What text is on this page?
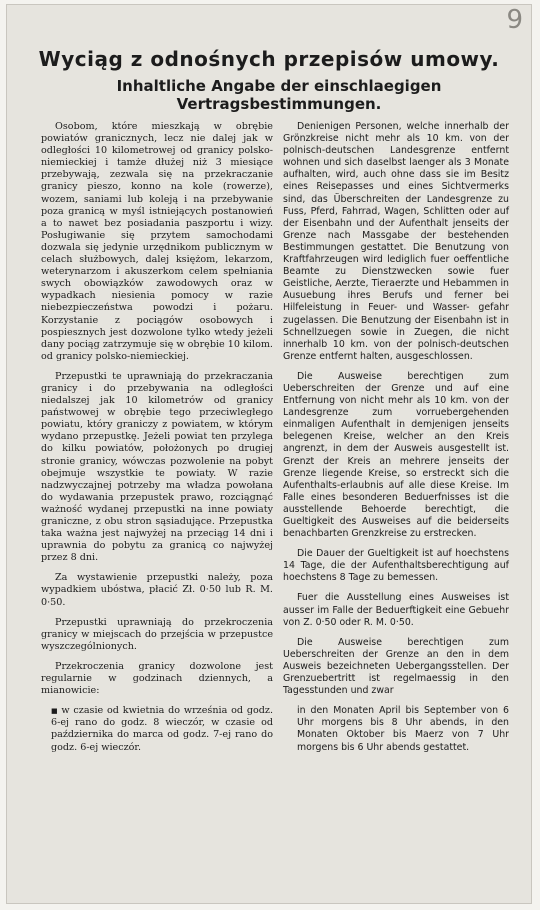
9
Wyciąg z odnośnych przepisów umowy.
Inhaltliche Angabe der einschlaegigen Vertragsbestimmungen.

Osobom, które mieszkają w obrębie powiatów granicznych, lecz nie dalej jak w odległości 10 kilometrowej od granicy polsko-niemieckiej i tamże dłużej niż 3 miesiące przebywają, zezwala się na przekraczanie granicy pieszo, konno na kole (rowerze), wozem, saniami lub koleją i na przebywanie poza granicą w myśl istniejących postanowień a to nawet bez posiadania paszportu i wizy. Posługiwanie się przytem samochodami dozwala się jedynie urzędnikom publicznym w celach służbowych, dalej księżom, lekarzom, weterynarzom i akuszerkom celem spełniania swych obowiązków zawodowych oraz w wypadkach niesienia pomocy w razie niebezpieczeństwa powodzi i pożaru. Korzystanie z pociągów osobowych i pospiesznych jest dozwolone tylko wtedy jeżeli dany pociąg zatrzymuje się w obrębie 10 kilom. od granicy polsko-niemieckiej.

Przepustki te uprawniają do przekraczania granicy i do przebywania na odległości niedalszej jak 10 kilometrów od granicy państwowej w obrębie tego przeciwległego powiatu, który graniczy z powiatem, w którym wydano przepustkę. Jeżeli powiat ten przylega do kilku powiatów, położonych po drugiej stronie granicy, wówczas pozwolenie na pobyt obejmuje wszystkie te powiaty. W razie nadzwyczajnej potrzeby ma władza powołana do wydawania przepustek prawo, rozciągnąć ważność wydanej przepustki na inne powiaty graniczne, z obu stron sąsiadujące. Przepustka taka ważna jest najwyżej na przeciąg 14 dni i uprawnia do pobytu za granicą co najwyżej przez 8 dni.

Za wystawienie przepustki należy, poza wypadkiem ubóstwa, płacić Zł. 0·50 lub R. M. 0·50.

Przepustki uprawniają do przekroczenia granicy w miejscach do przejścia w przepustce wyszczególnionych.

Przekroczenia granicy dozwolone jest regularnie w godzinach dziennych, a mianowicie:

■ w czasie od kwietnia do września od godz. 6-ej rano do godz. 8 wieczór, w czasie od października do marca od godz. 7-ej rano do godz. 6-ej wieczór.

Denienigen Personen, welche innerhalb der Grönzkreise nicht mehr als 10 km. von der polnisch-deutschen Landesgrenze entfernt wohnen und sich daselbst laenger als 3 Monate aufhalten, wird, auch ohne dass sie im Besitz eines Reisepasses und eines Sichtvermerks sind, das Überschreiten der Landesgrenze zu Fuss, Pferd, Fahrrad, Wagen, Schlitten oder auf der Eisenbahn und der Aufenthalt jenseits der Grenze nach Massgabe der bestehenden Bestimmungen gestattet. Die Benutzung von Kraftfahrzeugen wird lediglich fuer oeffentliche Beamte zu Dienstzwecken sowie fuer Geistliche, Aerzte, Tieraerzte und Hebammen in Ausuebung ihres Berufs und ferner bei Hilfeleistung in Feuer- und Wasser- gefahr zugelassen. Die Benutzung der Eisenbahn ist in Schnellzuegen sowie in Zuegen, die nicht innerhalb 10 km. von der polnisch-deutschen Grenze entfernt halten, ausgeschlossen.

Die Ausweise berechtigen zum Ueberschreiten der Grenze und auf eine Entfernung von nicht mehr als 10 km. von der Landesgrenze zum vorruebergehenden einmaligen Aufenthalt in demjenigen jenseits belegenen Kreise, welcher an den Kreis angrenzt, in dem der Ausweis ausgestellt ist. Grenzt der Kreis an mehrere jenseits der Grenze liegende Kreise, so erstreckt sich die Aufenthalts-erlaubnis auf alle diese Kreise. Im Falle eines besonderen Beduerfnisses ist die ausstellende Behoerde berechtigt, die Gueltigkeit des Ausweises auf die beiderseits benachbarten Grenzkreise zu erstrecken.

Die Dauer der Gueltigkeit ist auf hoechstens 14 Tage, die der Aufenthaltsberechtigung auf hoechstens 8 Tage zu bemessen.

Fuer die Ausstellung eines Ausweises ist ausser im Falle der Beduerftigkeit eine Gebuehr von Z. 0·50 oder R. M. 0·50.

Die Ausweise berechtigen zum Ueberschreiten der Grenze an den in dem Ausweis bezeichneten Uebergangsstellen. Der Grenzuebertritt ist regelmaessig in den Tagesstunden und zwar

in den Monaten April bis September von 6 Uhr morgens bis 8 Uhr abends, in den Monaten Oktober bis Maerz von 7 Uhr morgens bis 6 Uhr abends gestattet.
